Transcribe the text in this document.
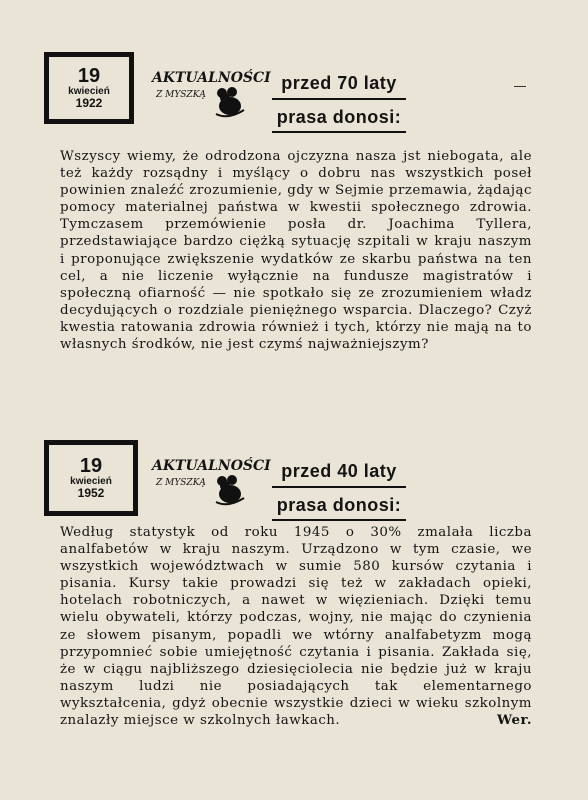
19
kwiecień
1922
AKTUALNOŚCI
Z MYSZKĄ
przed 70 laty
prasa donosi:
Wszyscy wiemy, że odrodzona ojczyzna nasza jst niebogata, ale też każdy rozsądny i myślący o dobru nas wszystkich poseł powinien znaleźć zrozumienie, gdy w Sejmie przemawia, żądając pomocy materialnej państwa w kwestii społecznego zdrowia. Tymczasem przemówienie posła dr. Joachima Tyllera, przedstawiające bardzo ciężką sytuację szpitali w kraju naszym i proponujące zwiększenie wydatków ze skarbu państwa na ten cel, a nie liczenie wyłącznie na fundusze magistratów i społeczną ofiarność — nie spotkało się ze zrozumieniem władz decydujących o rozdziale pieniężnego wsparcia. Dlaczego? Czyż kwestia ratowania zdrowia również i tych, którzy nie mają na to własnych środków, nie jest czymś najważniejszym?
19
kwiecień
1952
AKTUALNOŚCI
Z MYSZKĄ
przed 40 laty
prasa donosi:
Według statystyk od roku 1945 o 30% zmalała liczba analfabetów w kraju naszym. Urządzono w tym czasie, we wszystkich województwach w sumie 580 kursów czytania i pisania. Kursy takie prowadzi się też w zakładach opieki, hotelach robotniczych, a nawet w więzieniach. Dzięki temu wielu obywateli, którzy podczas, wojny, nie mając do czynienia ze słowem pisanym, popadli we wtórny analfabetyzm mogą przypomnieć sobie umiejętność czytania i pisania. Zakłada się, że w ciągu najbliższego dziesięciolecia nie będzie już w kraju naszym ludzi nie posiadających tak elementarnego wykształcenia, gdyż obecnie wszystkie dzieci w wieku szkolnym znalazły miejsce w szkolnych ławkach.	Wer.
